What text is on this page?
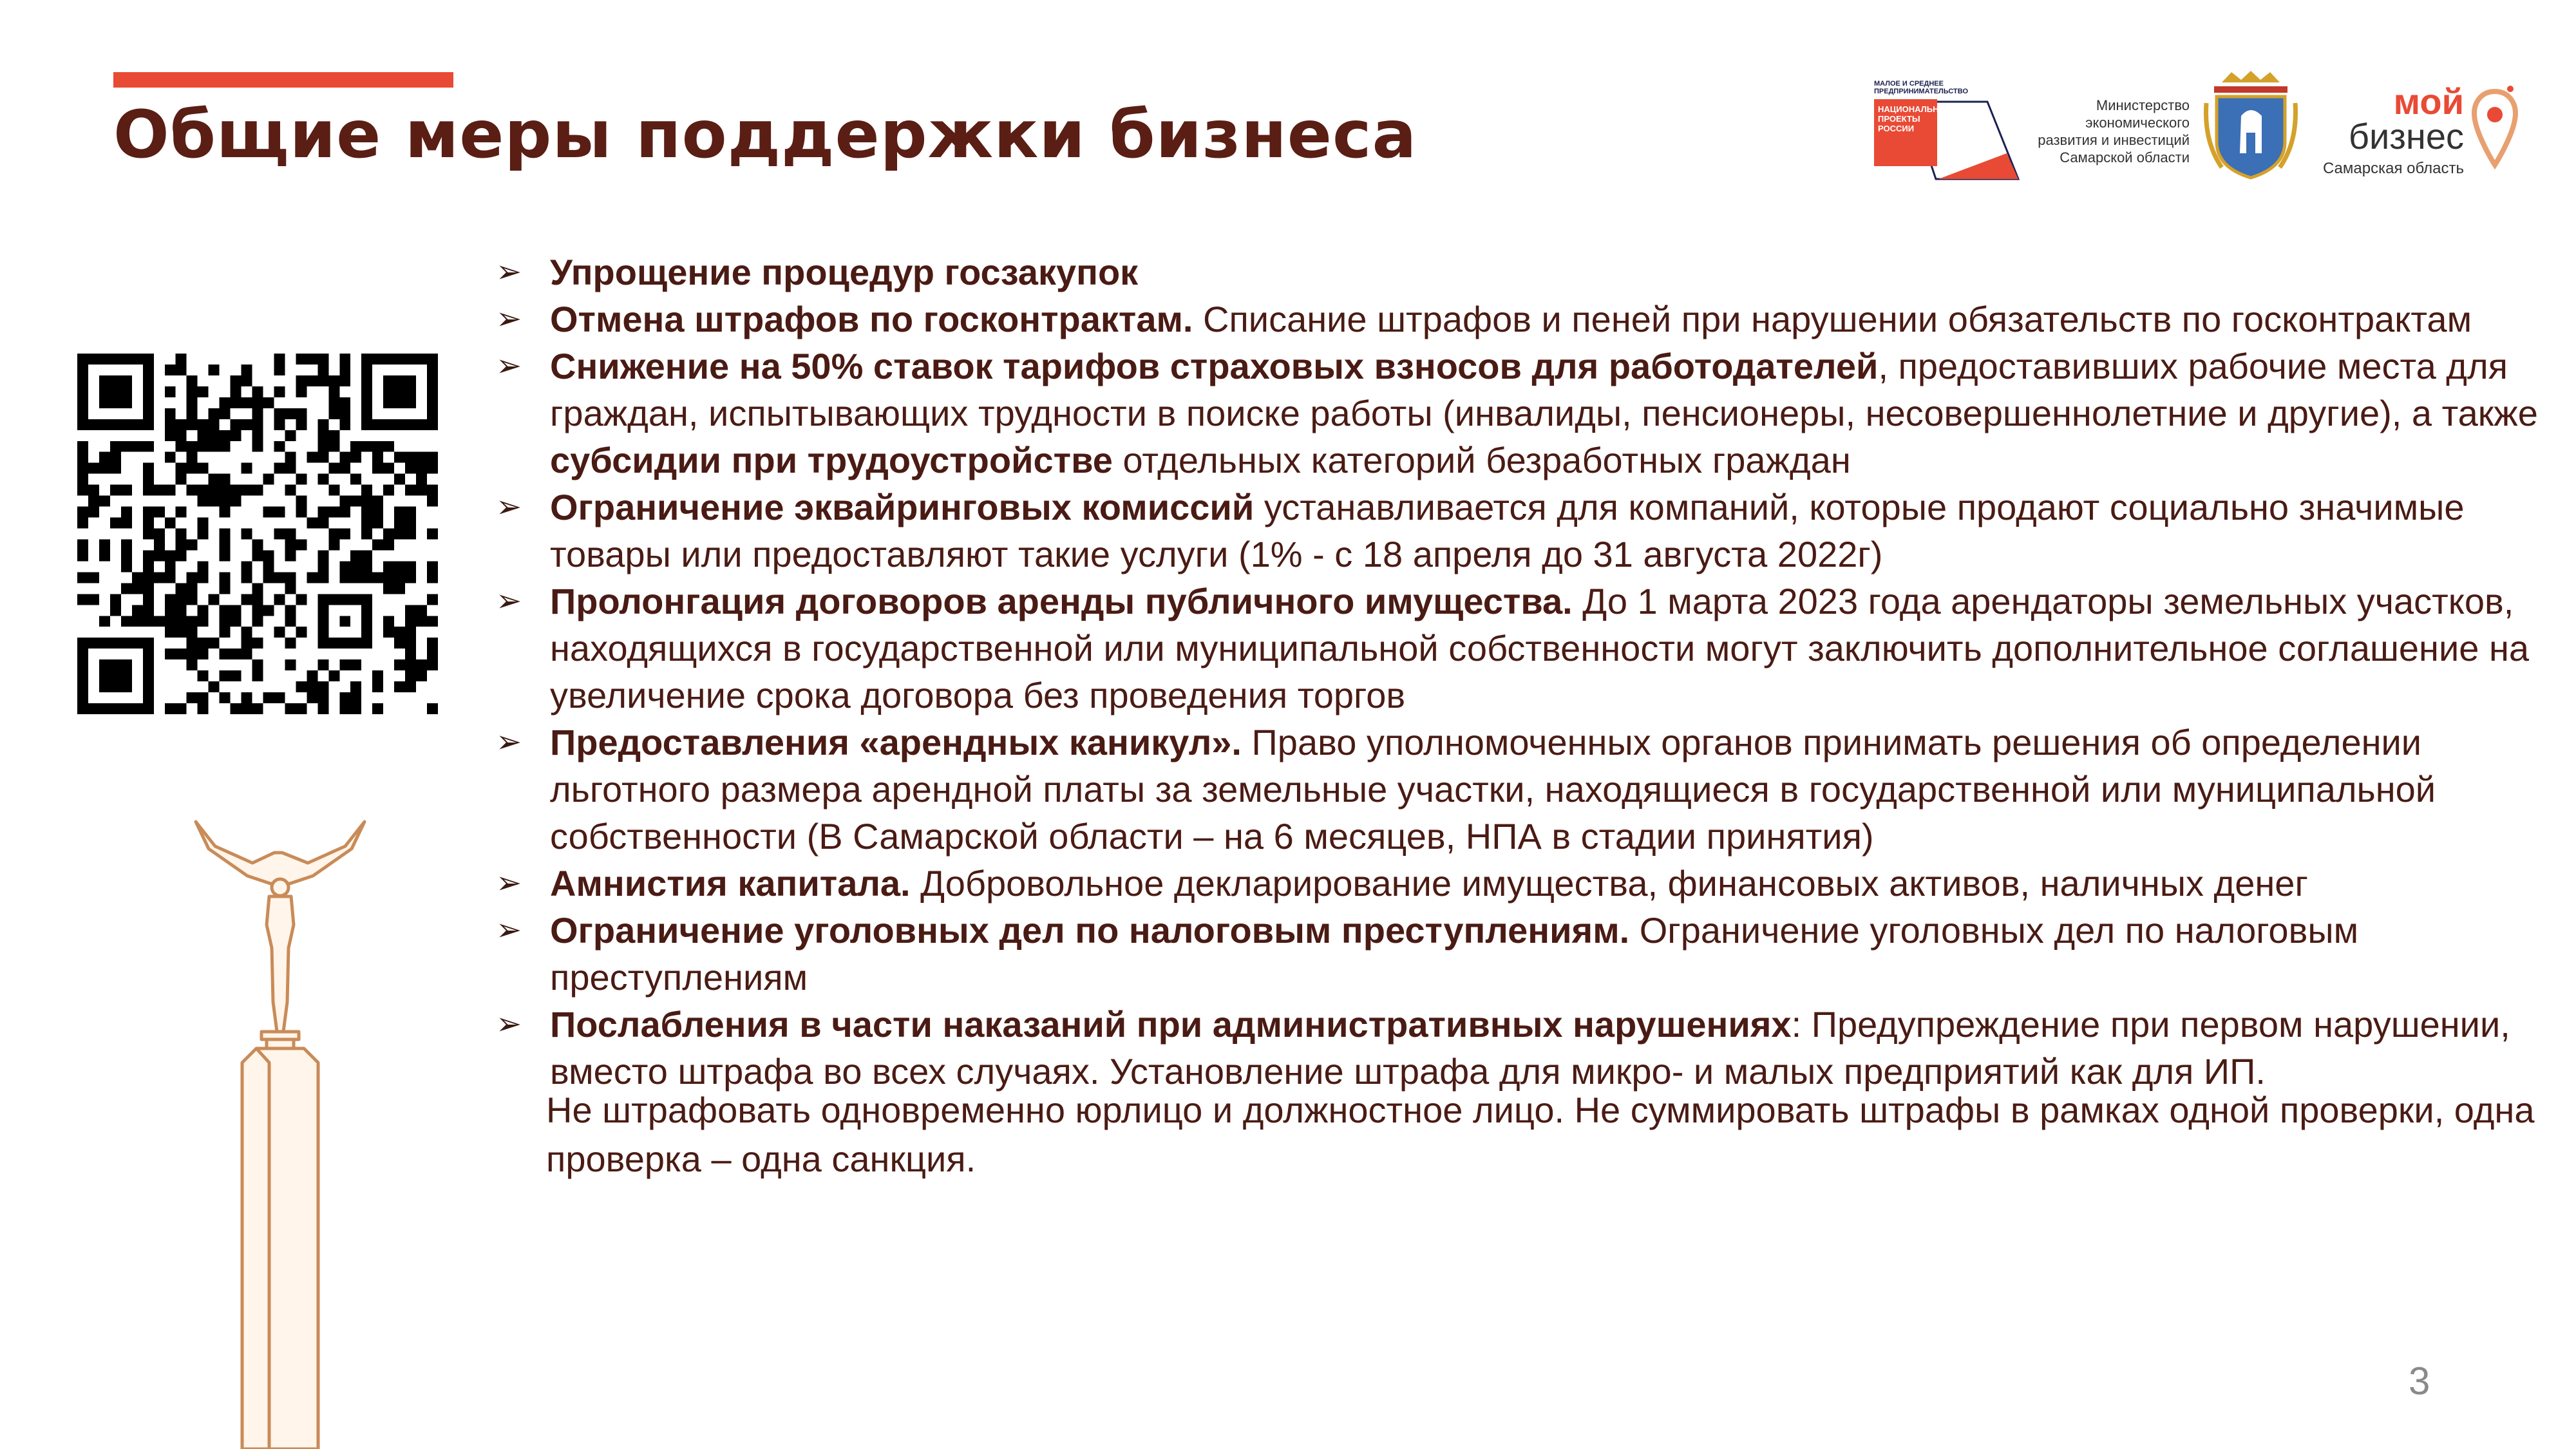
Общие меры поддержки бизнеса
МАЛОЕ И СРЕДНЕЕ ПРЕДПРИНИМАТЕЛЬСТВО
НАЦИОНАЛЬНЫЕ ПРОЕКТЫ РОССИИ
Министерство
экономического
развития и инвестиций
Самарской области
мой
бизнес
Самарская область
➢ Упрощение процедур госзакупок
➢ Отмена штрафов по госконтрактам. Списание штрафов и пеней при нарушении обязательств по госконтрактам
➢ Снижение на 50% ставок тарифов страховых взносов для работодателей, предоставивших рабочие места для граждан, испытывающих трудности в поиске работы (инвалиды, пенсионеры, несовершеннолетние и другие), а также субсидии при трудоустройстве отдельных категорий безработных граждан
➢ Ограничение эквайринговых комиссий устанавливается для компаний, которые продают социально значимые товары или предоставляют такие услуги (1% - с 18 апреля до 31 августа 2022г)
➢ Пролонгация договоров аренды публичного имущества. До 1 марта 2023 года арендаторы земельных участков, находящихся в государственной или муниципальной собственности могут заключить дополнительное соглашение на увеличение срока договора без проведения торгов
➢ Предоставления «арендных каникул». Право уполномоченных органов принимать решения об определении льготного размера арендной платы за земельные участки, находящиеся в государственной или муниципальной собственности (В Самарской области – на 6 месяцев, НПА в стадии принятия)
➢ Амнистия капитала. Добровольное декларирование имущества, финансовых активов, наличных денег
➢ Ограничение уголовных дел по налоговым преступлениям. Ограничение уголовных дел по налоговым преступлениям
➢ Послабления в части наказаний при административных нарушениях: Предупреждение при первом нарушении, вместо штрафа во всех случаях. Установление штрафа для микро- и малых предприятий как для ИП.

Не штрафовать одновременно юрлицо и должностное лицо. Не суммировать штрафы в рамках одной проверки, одна проверка – одна санкция.

3
